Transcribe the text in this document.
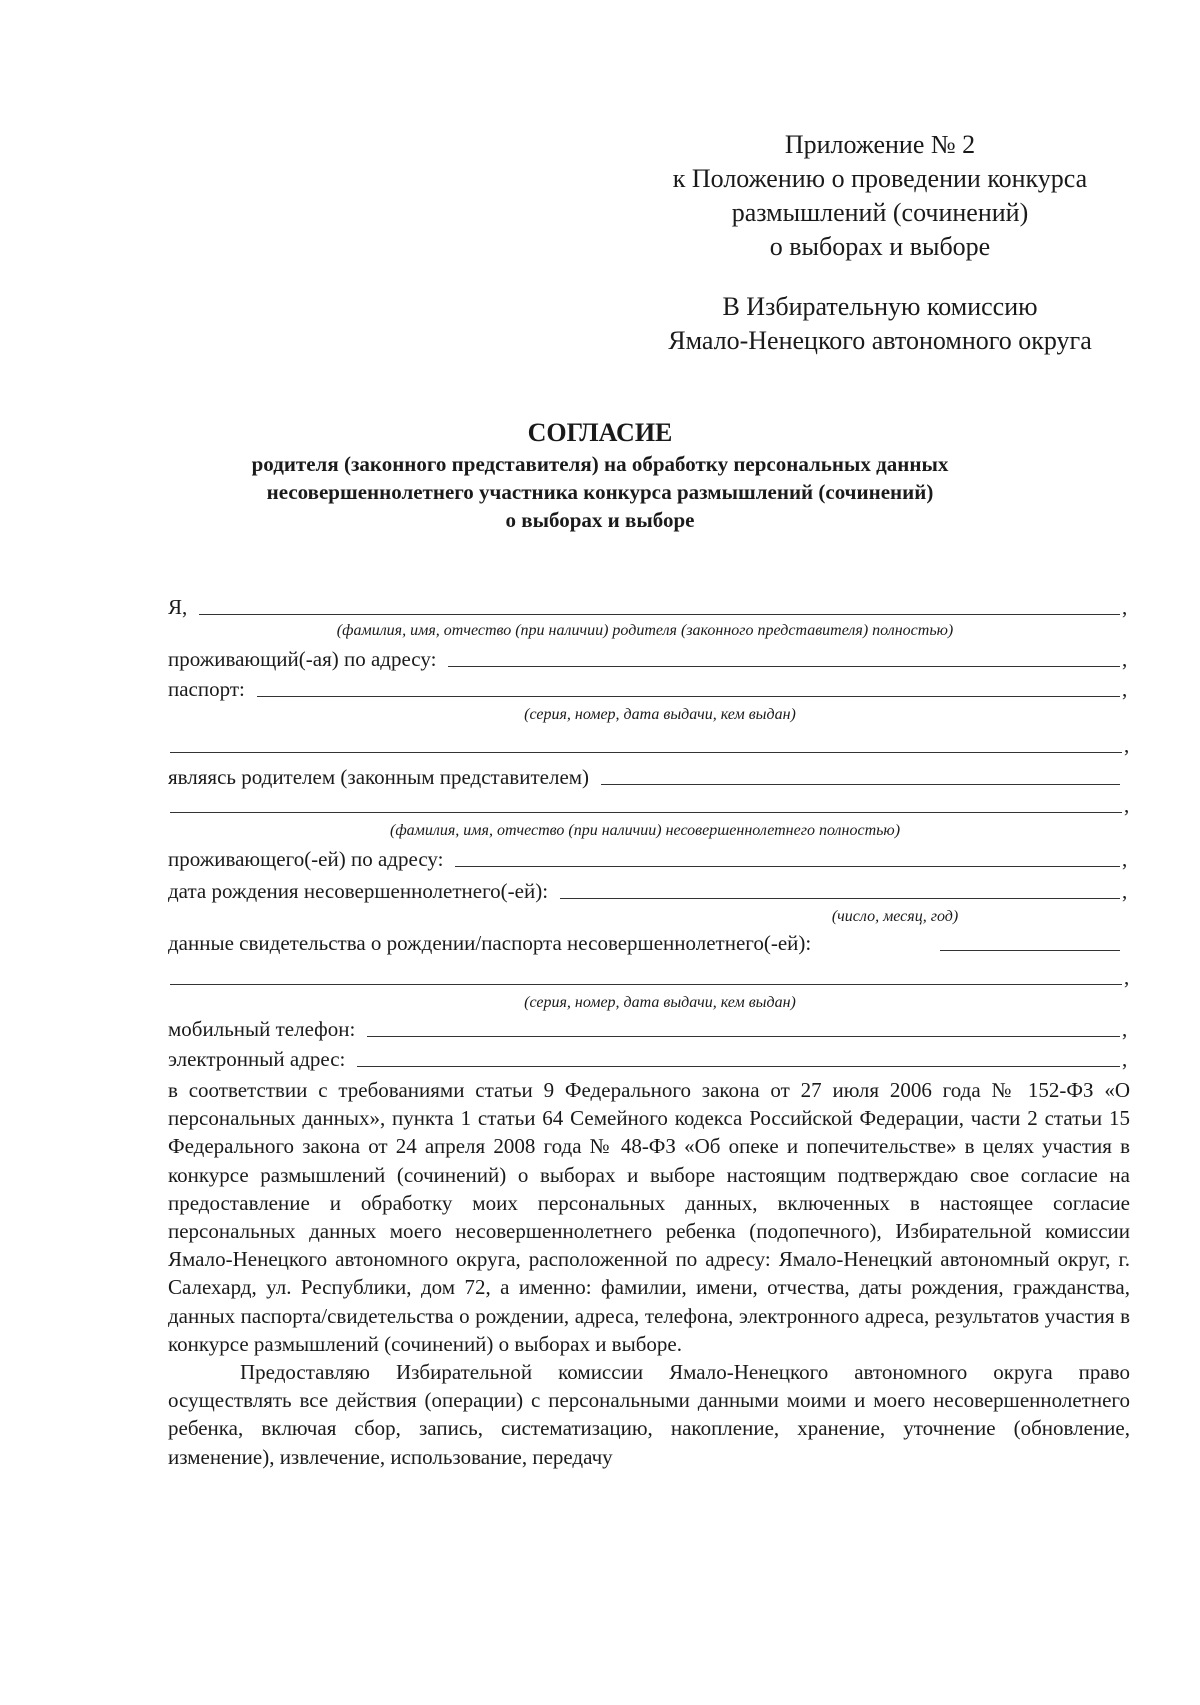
Приложение № 2
к Положению о проведении конкурса
размышлений (сочинений)
о выборах и выборе
В Избирательную комиссию
Ямало-Ненецкого автономного округа
СОГЛАСИЕ
родителя (законного представителя) на обработку персональных данных
несовершеннолетнего участника конкурса размышлений (сочинений)
о выборах и выборе
Я,	,
(фамилия, имя, отчество (при наличии) родителя (законного представителя) полностью)
проживающий(-ая) по адресу:	,
паспорт:	,
(серия, номер, дата выдачи, кем выдан)
,
являясь родителем (законным представителем)
,
(фамилия, имя, отчество (при наличии) несовершеннолетнего полностью)
проживающего(-ей) по адресу:	,
дата рождения несовершеннолетнего(-ей):	,
(число, месяц, год)
данные свидетельства о рождении/паспорта несовершеннолетнего(-ей):
,
(серия, номер, дата выдачи, кем выдан)
мобильный телефон:	,
электронный адрес:	,

в соответствии с требованиями статьи 9 Федерального закона от 27 июля 2006 года № 152-ФЗ «О персональных данных», пункта 1 статьи 64 Семейного кодекса Российской Федерации, части 2 статьи 15 Федерального закона от 24 апреля 2008 года № 48-ФЗ «Об опеке и попечительстве» в целях участия в конкурсе размышлений (сочинений) о выборах и выборе настоящим подтверждаю свое согласие на предоставление и обработку моих персональных данных, включенных в настоящее согласие персональных данных моего несовершеннолетнего ребенка (подопечного), Избирательной комиссии Ямало-Ненецкого автономного округа, расположенной по адресу: Ямало-Ненецкий автономный округ, г. Салехард, ул. Республики, дом 72, а именно: фамилии, имени, отчества, даты рождения, гражданства, данных паспорта/свидетельства о рождении, адреса, телефона, электронного адреса, результатов участия в конкурсе размышлений (сочинений) о выборах и выборе.

Предоставляю Избирательной комиссии Ямало-Ненецкого автономного округа право осуществлять все действия (операции) с персональными данными моими и моего несовершеннолетнего ребенка, включая сбор, запись, систематизацию, накопление, хранение, уточнение (обновление, изменение), извлечение, использование, передачу
